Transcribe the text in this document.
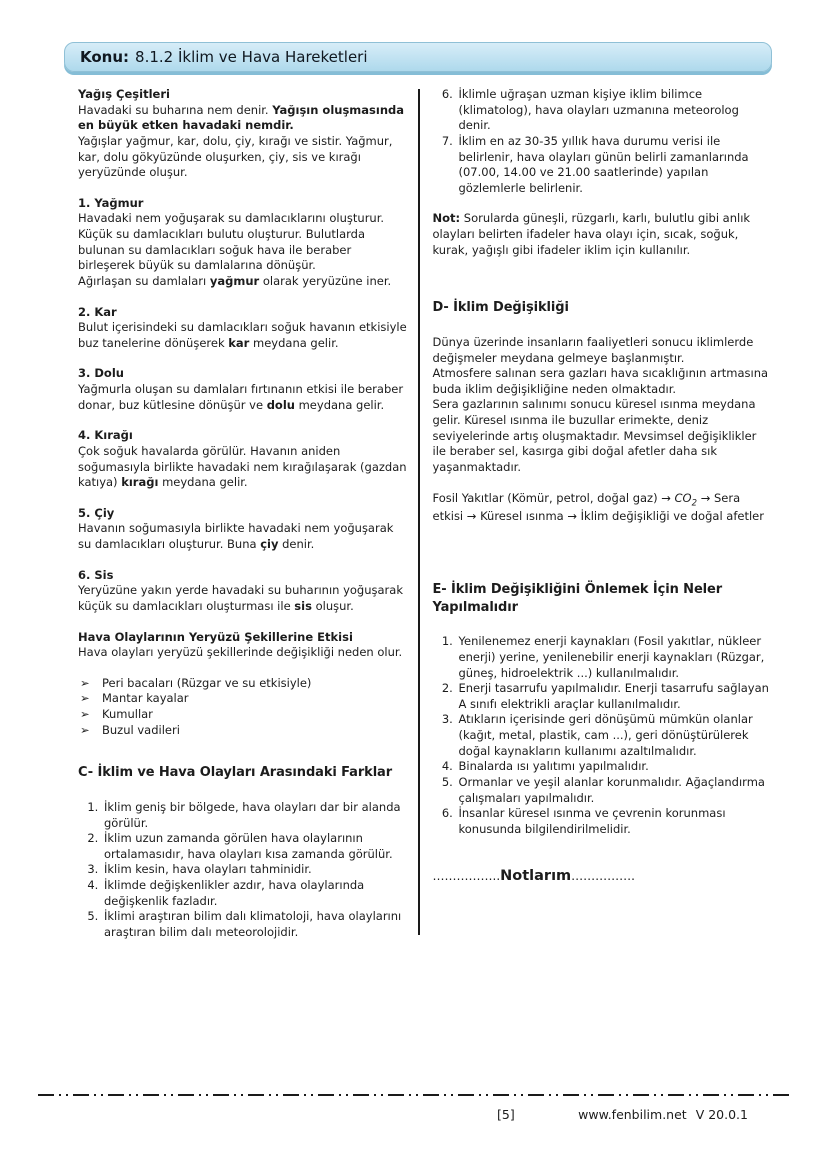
Konu: 8.1.2 İklim ve Hava Hareketleri
Yağış Çeşitleri

Havadaki su buharına nem denir. Yağışın oluşmasında en büyük etken havadaki nemdir.

Yağışlar yağmur, kar, dolu, çiy, kırağı ve sistir. Yağmur, kar, dolu gökyüzünde oluşurken, çiy, sis ve kırağı yeryüzünde oluşur.

1. Yağmur

Havadaki nem yoğuşarak su damlacıklarını oluşturur. Küçük su damlacıkları bulutu oluşturur. Bulutlarda bulunan su damlacıkları soğuk hava ile beraber birleşerek büyük su damlalarına dönüşür.

Ağırlaşan su damlaları yağmur olarak yeryüzüne iner.

2. Kar

Bulut içerisindeki su damlacıkları soğuk havanın etkisiyle buz tanelerine dönüşerek kar meydana gelir.

3. Dolu

Yağmurla oluşan su damlaları fırtınanın etkisi ile beraber donar, buz kütlesine dönüşür ve dolu meydana gelir.

4. Kırağı

Çok soğuk havalarda görülür. Havanın aniden soğumasıyla birlikte havadaki nem kırağılaşarak (gazdan katıya) kırağı meydana gelir.

5. Çiy

Havanın soğumasıyla birlikte havadaki nem yoğuşarak su damlacıkları oluşturur. Buna çiy denir.

6. Sis

Yeryüzüne yakın yerde havadaki su buharının yoğuşarak küçük su damlacıkları oluşturması ile sis oluşur.

Hava Olaylarının Yeryüzü Şekillerine Etkisi

Hava olayları yeryüzü şekillerinde değişikliği neden olur.

➢	Peri bacaları (Rüzgar ve su etkisiyle)
➢	Mantar kayalar
➢	Kumullar
➢	Buzul vadileri
C- İklim ve Hava Olayları Arasındaki Farklar
1. İklim geniş bir bölgede, hava olayları dar bir alanda görülür.
2. İklim uzun zamanda görülen hava olaylarının ortalamasıdır, hava olayları kısa zamanda görülür.
3. İklim kesin, hava olayları tahminidir.
4. İklimde değişkenlikler azdır, hava olaylarında değişkenlik fazladır.
5. İklimi araştıran bilim dalı klimatoloji, hava olaylarını araştıran bilim dalı meteorolojidir.
6. İklimle uğraşan uzman kişiye iklim bilimce (klimatolog), hava olayları uzmanına meteorolog denir.
7. İklim en az 30-35 yıllık hava durumu verisi ile belirlenir, hava olayları günün belirli zamanlarında (07.00, 14.00 ve 21.00 saatlerinde) yapılan gözlemlerle belirlenir.

Not: Sorularda güneşli, rüzgarlı, karlı, bulutlu gibi anlık olayları belirten ifadeler hava olayı için, sıcak, soğuk, kurak, yağışlı gibi ifadeler iklim için kullanılır.

D- İklim Değişikliği

Dünya üzerinde insanların faaliyetleri sonucu iklimlerde değişmeler meydana gelmeye başlanmıştır.

Atmosfere salınan sera gazları hava sıcaklığının artmasına buda iklim değişikliğine neden olmaktadır.

Sera gazlarının salınımı sonucu küresel ısınma meydana gelir. Küresel ısınma ile buzullar erimekte, deniz seviyelerinde artış oluşmaktadır. Mevsimsel değişiklikler ile beraber sel, kasırga gibi doğal afetler daha sık yaşanmaktadır.

Fosil Yakıtlar (Kömür, petrol, doğal $gaz) \to CO_2$ → Sera etkisi → Küresel ısınma → İklim değişikliği ve doğal afetler

E- İklim Değişikliğini Önlemek İçin Neler Yapılmalıdır
1. Yenilenemez enerji kaynakları (Fosil yakıtlar, nükleer enerji) yerine, yenilenebilir enerji kaynakları (Rüzgar, güneş, hidroelektrik ...) kullanılmalıdır.
2. Enerji tasarrufu yapılmalıdır. Enerji tasarrufu sağlayan A sınıfı elektrikli araçlar kullanılmalıdır.
3. Atıkların içerisinde geri dönüşümü mümkün olanlar (kağıt, metal, plastik, cam ...), geri dönüştürülerek doğal kaynakların kullanımı azaltılmalıdır.
4. Binalarda ısı yalıtımı yapılmalıdır.
5. Ormanlar ve yeşil alanlar korunmalıdır. Ağaçlandırma çalışmaları yapılmalıdır.
6. İnsanlar küresel ısınma ve çevrenin korunması konusunda bilgilendirilmelidir.

……………..Notlarım…………….

[5]	www.fenbilim.net V 20.0.1
